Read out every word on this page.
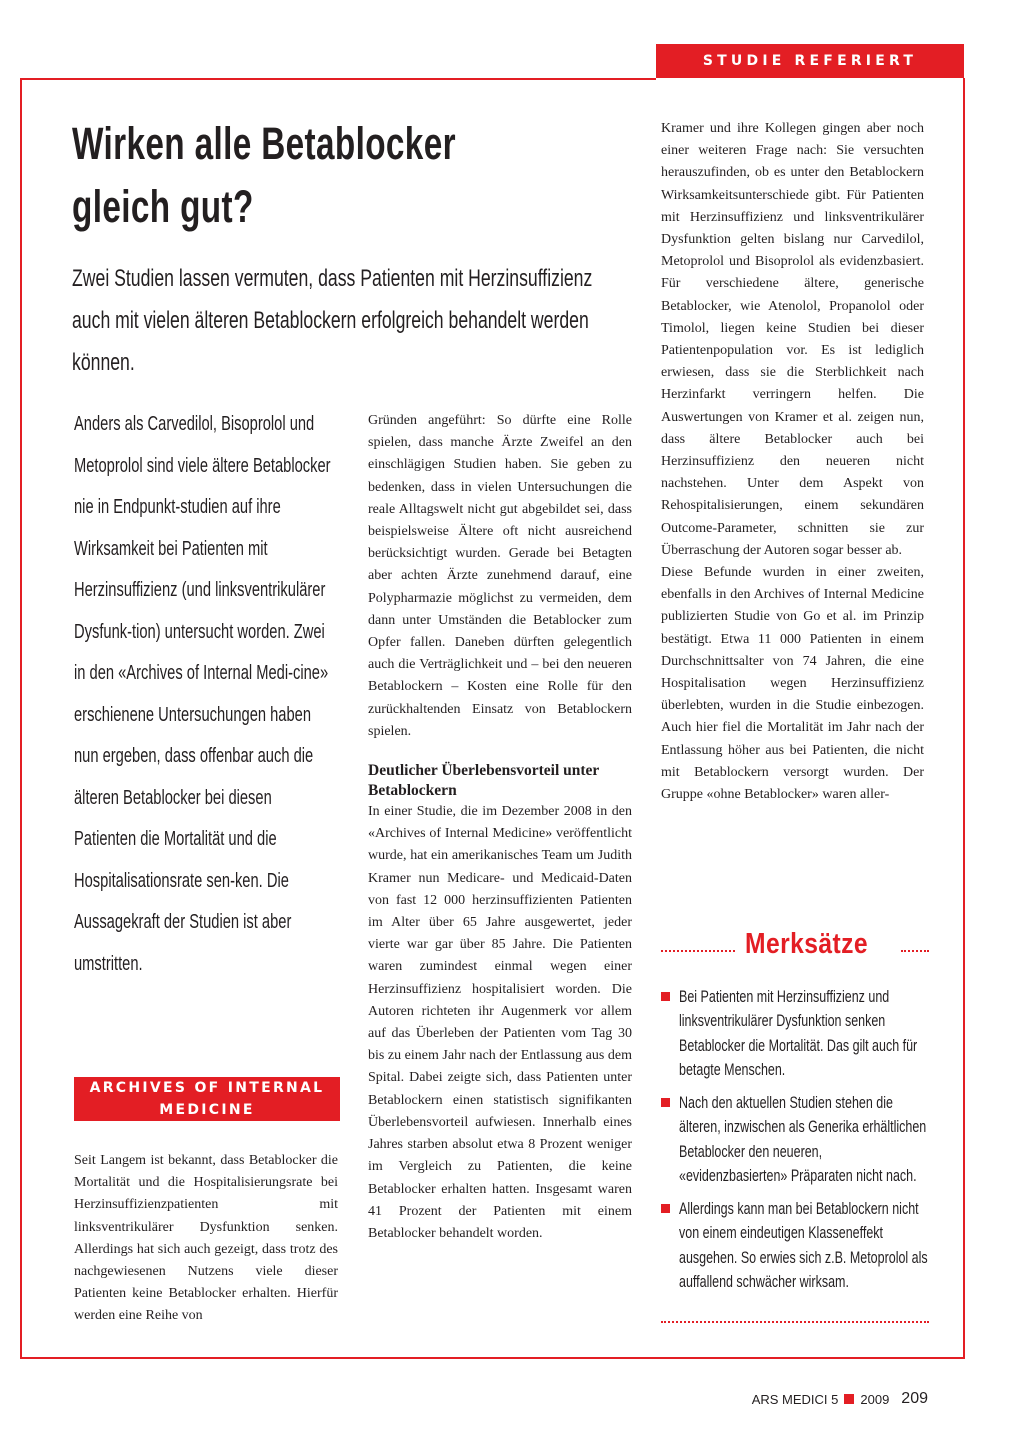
STUDIE REFERIERT
Wirken alle Betablocker
gleich gut?

Zwei Studien lassen vermuten, dass Patienten mit Herzinsuffizienz auch mit vielen älteren Betablockern erfolgreich behandelt werden können.

Anders als Carvedilol, Bisoprolol und Metoprolol sind viele ältere Betablocker nie in Endpunkt-studien auf ihre Wirksamkeit bei Patienten mit Herzinsuffizienz (und linksventrikulärer Dysfunk-tion) untersucht worden. Zwei in den «Archives of Internal Medi-cine» erschienene Untersuchungen haben nun ergeben, dass offenbar auch die älteren Betablocker bei diesen Patienten die Mortalität und die Hospitalisationsrate sen-ken. Die Aussagekraft der Studien ist aber umstritten.

ARCHIVES OF INTERNAL MEDICINE

Seit Langem ist bekannt, dass Betablocker die Mortalität und die Hospitalisierungsrate bei Herzinsuffizienzpatienten mit linksventrikulärer Dysfunktion senken. Allerdings hat sich auch gezeigt, dass trotz des nachgewiesenen Nutzens viele dieser Patienten keine Betablocker erhalten. Hierfür werden eine Reihe von

Gründen angeführt: So dürfte eine Rolle spielen, dass manche Ärzte Zweifel an den einschlägigen Studien haben. Sie geben zu bedenken, dass in vielen Untersuchungen die reale Alltagswelt nicht gut abgebildet sei, dass beispielsweise Ältere oft nicht ausreichend berücksichtigt wurden. Gerade bei Betagten aber achten Ärzte zunehmend darauf, eine Polypharmazie möglichst zu vermeiden, dem dann unter Umständen die Betablocker zum Opfer fallen. Daneben dürften gelegentlich auch die Verträglichkeit und – bei den neueren Betablockern – Kosten eine Rolle für den zurückhaltenden Einsatz von Betablockern spielen.

Deutlicher Überlebensvorteil unter Betablockern

In einer Studie, die im Dezember 2008 in den «Archives of Internal Medicine» veröffentlicht wurde, hat ein amerikanisches Team um Judith Kramer nun Medicare- und Medicaid-Daten von fast 12 000 herzinsuffizienten Patienten im Alter über 65 Jahre ausgewertet, jeder vierte war gar über 85 Jahre. Die Patienten waren zumindest einmal wegen einer Herzinsuffizienz hospitalisiert worden. Die Autoren richteten ihr Augenmerk vor allem auf das Überleben der Patienten vom Tag 30 bis zu einem Jahr nach der Entlassung aus dem Spital. Dabei zeigte sich, dass Patienten unter Betablockern einen statistisch signifikanten Überlebensvorteil aufwiesen. Innerhalb eines Jahres starben absolut etwa 8 Prozent weniger im Vergleich zu Patienten, die keine Betablocker erhalten hatten. Insgesamt waren 41 Prozent der Patienten mit einem Betablocker behandelt worden.

Kramer und ihre Kollegen gingen aber noch einer weiteren Frage nach: Sie versuchten herauszufinden, ob es unter den Betablockern Wirksamkeitsunterschiede gibt. Für Patienten mit Herzinsuffizienz und linksventrikulärer Dysfunktion gelten bislang nur Carvedilol, Metoprolol und Bisoprolol als evidenzbasiert. Für verschiedene ältere, generische Betablocker, wie Atenolol, Propanolol oder Timolol, liegen keine Studien bei dieser Patientenpopulation vor. Es ist lediglich erwiesen, dass sie die Sterblichkeit nach Herzinfarkt verringern helfen. Die Auswertungen von Kramer et al. zeigen nun, dass ältere Betablocker auch bei Herzinsuffizienz den neueren nicht nachstehen. Unter dem Aspekt von Rehospitalisierungen, einem sekundären Outcome-Parameter, schnitten sie zur Überraschung der Autoren sogar besser ab.

Diese Befunde wurden in einer zweiten, ebenfalls in den Archives of Internal Medicine publizierten Studie von Go et al. im Prinzip bestätigt. Etwa 11 000 Patienten in einem Durchschnittsalter von 74 Jahren, die eine Hospitalisation wegen Herzinsuffizienz überlebten, wurden in die Studie einbezogen. Auch hier fiel die Mortalität im Jahr nach der Entlassung höher aus bei Patienten, die nicht mit Betablockern versorgt wurden. Der Gruppe «ohne Betablocker» waren aller-

Merksätze
Bei Patienten mit Herzinsuffizienz und linksventrikulärer Dysfunktion senken Betablocker die Mortalität. Das gilt auch für betagte Menschen.
Nach den aktuellen Studien stehen die älteren, inzwischen als Generika erhältlichen Betablocker den neueren, «evidenzbasierten» Präparaten nicht nach.
Allerdings kann man bei Betablockern nicht von einem eindeutigen Klasseneffekt ausgehen. So erwies sich z.B. Metoprolol als auffallend schwächer wirksam.
ARS MEDICI 5 2009 209
